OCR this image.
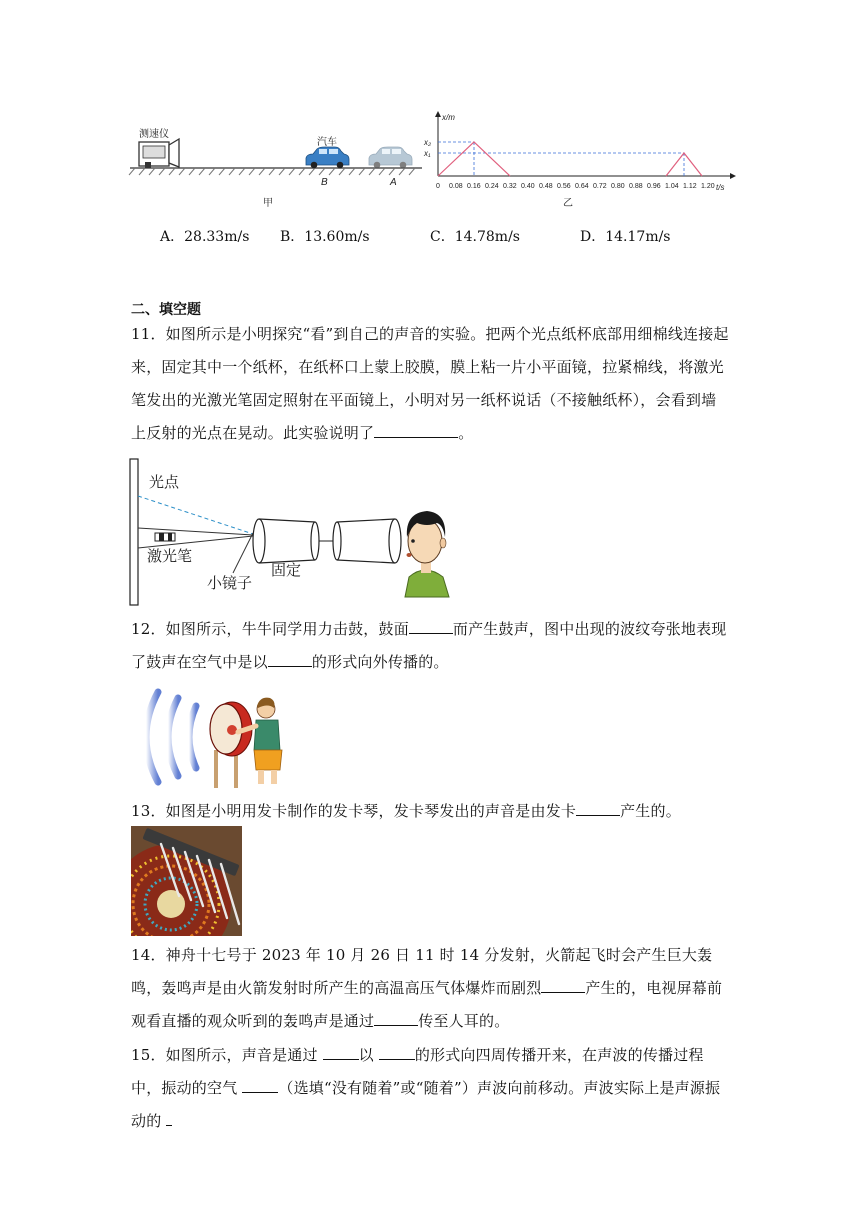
测速仪
汽车
B	A
甲
x/m
t/s
x₂
x₁
0 0.08 0.16 0.24 0.32 0.40 0.48 0.56 0.64 0.72 0.80 0.88 0.96 1.04 1.12 1.20
乙
A．28.33m/s B．13.60m/s	C．14.78m/s	D．14.17m/s
二、填空题
11．如图所示是小明探究“看”到自己的声音的实验。把两个光点纸杯底部用细棉线连接起来，固定其中一个纸杯，在纸杯口上蒙上胶膜，膜上粘一片小平面镜，拉紧棉线，将激光笔发出的光激光笔固定照射在平面镜上，小明对另一纸杯说话（不接触纸杯），会看到墙上反射的光点在晃动。此实验说明了	。
光点
激光笔
小镜子
固定
12．如图所示，牛牛同学用力击鼓，鼓面	而产生鼓声，图中出现的波纹夸张地表现了鼓声在空气中是以	的形式向外传播的。
13．如图是小明用发卡制作的发卡琴，发卡琴发出的声音是由发卡	产生的。
14．神舟十七号于 2023 年 10 月 26 日 11 时 14 分发射，火箭起飞时会产生巨大轰鸣，轰鸣声是由火箭发射时所产生的高温高压气体爆炸而剧烈	产生的，电视屏幕前观看直播的观众听到的轰鸣声是通过	传至人耳的。
15．如图所示，声音是通过 以 的形式向四周传播开来，在声波的传播过程中，振动的空气 （选填“没有随着”或“随着”）声波向前移动。声波实际上是声源振动的
